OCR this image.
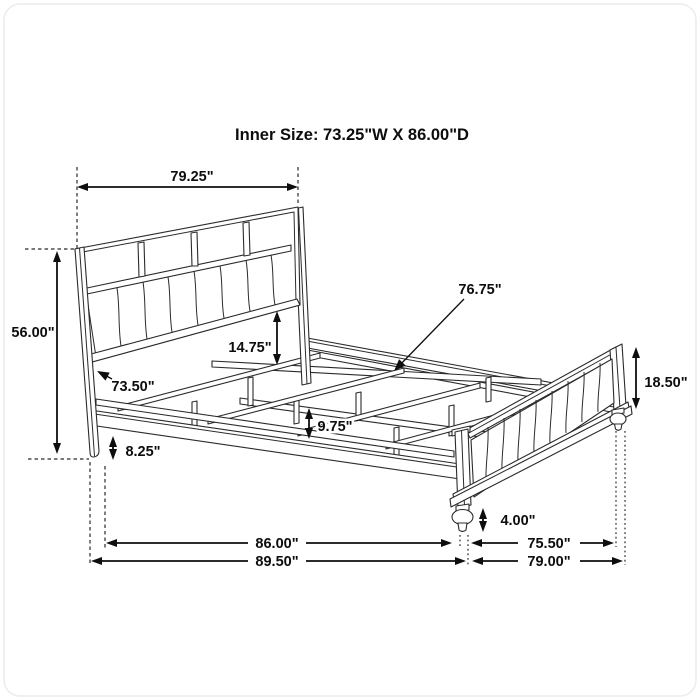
Inner Size: 73.25"W X 86.00"D
79.25"
56.00"
73.50"
14.75"
76.75"
18.50"
9.75"
8.25"
4.00"
86.00"
89.50"
75.50"
79.00"
